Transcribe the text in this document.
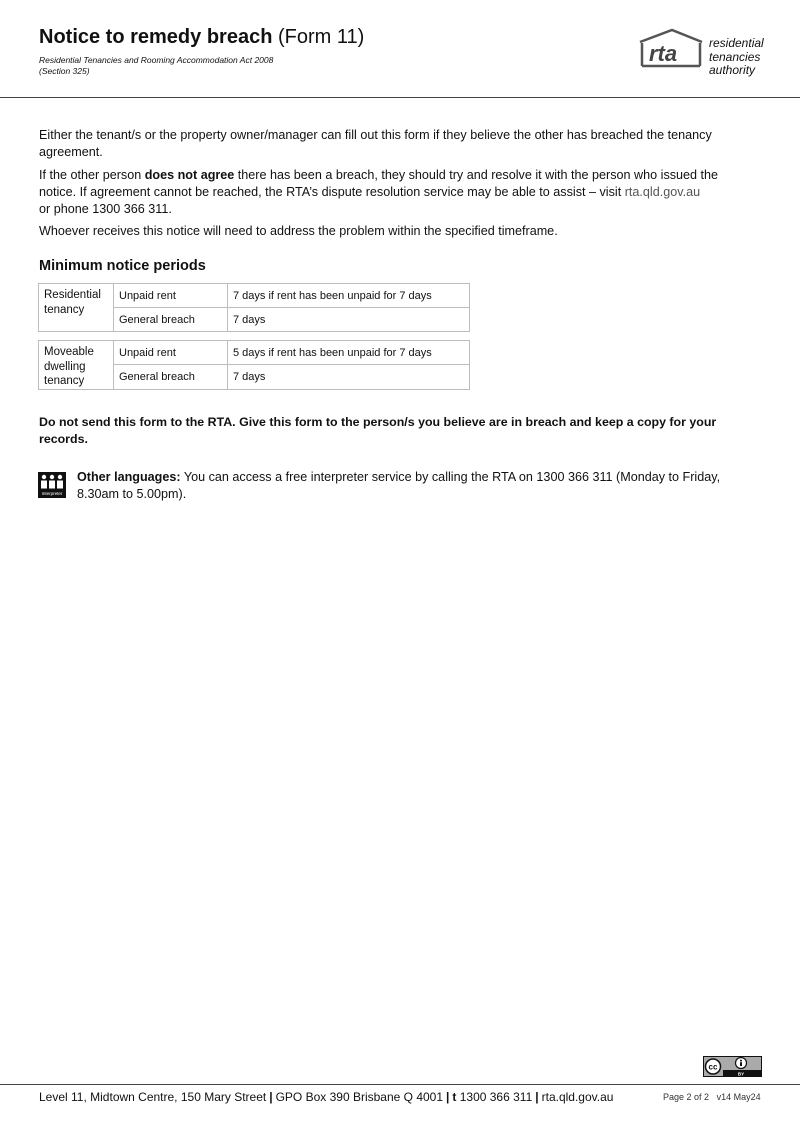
Notice to remedy breach (Form 11)
Residential Tenancies and Rooming Accommodation Act 2008
(Section 325)
rta	residential
tenancies
authority
Either the tenant/s or the property owner/manager can fill out this form if they believe the other has breached the tenancy agreement.
If the other person does not agree there has been a breach, they should try and resolve it with the person who issued the notice. If agreement cannot be reached, the RTA’s dispute resolution service may be able to assist – visit rta.qld.gov.au
or phone 1300 366 311.
Whoever receives this notice will need to address the problem within the specified timeframe.
Minimum notice periods
Residential tenancy	Unpaid rent	7 days if rent has been unpaid for 7 days
	General breach	7 days
Moveable dwelling tenancy	Unpaid rent	5 days if rent has been unpaid for 7 days
	General breach	7 days
Do not send this form to the RTA. Give this form to the person/s you believe are in breach and keep a copy for your records.
Interpreter
Other languages: You can access a free interpreter service by calling the RTA on 1300 366 311 (Monday to Friday, 8.30am to 5.00pm).
cc
BY
Level 11, Midtown Centre, 150 Mary Street | GPO Box 390 Brisbane Q 4001 | t 1300 366 311 | rta.qld.gov.au	Page 2 of 2 v14 May24
